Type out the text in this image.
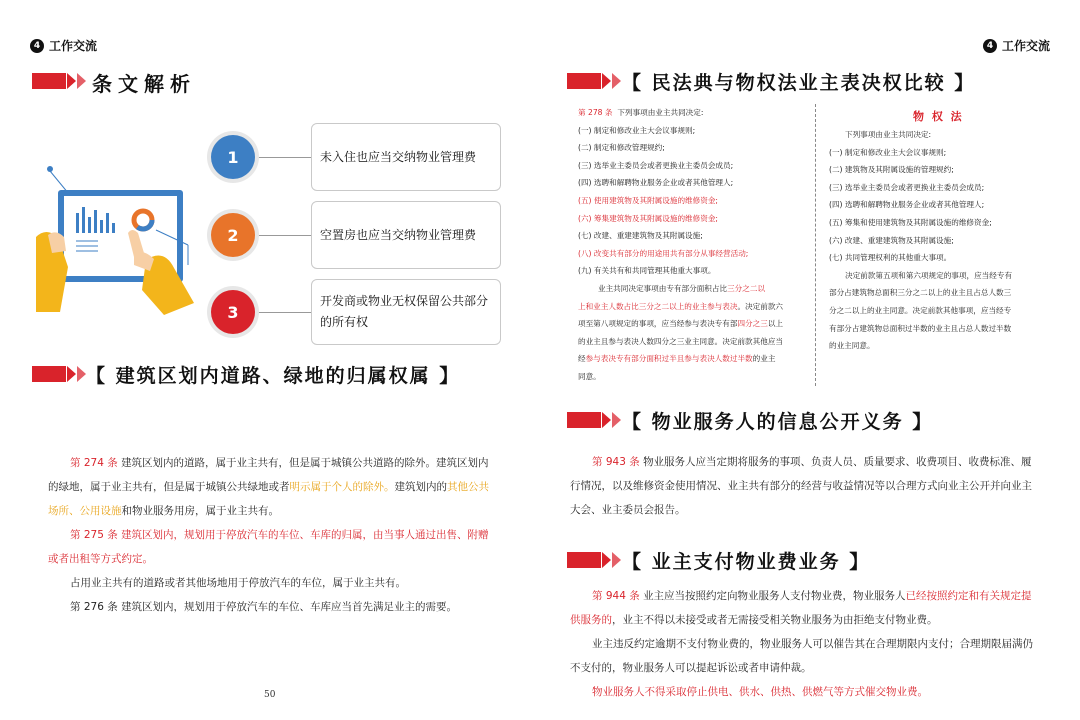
4 工作交流
条文解析
1
2
3
未入住也应当交纳物业管理费
空置房也应当交纳物业管理费
开发商或物业无权保留公共部分的所有权
【 建筑区划内道路、绿地的归属权属 】

第 274 条 建筑区划内的道路，属于业主共有，但是属于城镇公共道路的除外。建筑区划内的绿地，属于业主共有，但是属于城镇公共绿地或者明示属于个人的除外。建筑划内的其他公共场所、公用设施和物业服务用房，属于业主共有。

第 275 条 建筑区划内，规划用于停放汽车的车位、车库的归属，由当事人通过出售、附赠或者出租等方式约定。

占用业主共有的道路或者其他场地用于停放汽车的车位，属于业主共有。

第 276 条 建筑区划内，规划用于停放汽车的车位、车库应当首先满足业主的需要。

50
4 工作交流
【 民法典与物权法业主表决权比较 】
第 278 条 下列事项由业主共同决定:
(一) 制定和修改业主大会议事规则;
(二) 制定和修改管理规约;
(三) 选举业主委员会或者更换业主委员会成员;
(四) 选聘和解聘物业服务企业或者其他管理人;
(五) 使用建筑物及其附属设施的维修资金;
(六) 筹集建筑物及其附属设施的维修资金;
(七) 改建、重建建筑物及其附属设施;
(八) 改变共有部分的用途用共有部分从事经营活动;
(九) 有关共有和共同管理其他重大事项。
业主共同决定事项由专有部分面积占比三分之二以
上和业主人数占比三分之二以上的业主参与表决。决定前款六
项至第八项规定的事项，应当经参与表决专有部四分之三以上
的业主且参与表决人数四分之三业主同意。决定前款其他应当
经参与表决专有部分面积过半且参与表决人数过半数的业主
同意。
物 权 法
下列事项由业主共同决定:
(一) 制定和修改业主大会议事规则;
(二) 建筑物及其附属设施的管理规约;
(三) 选举业主委员会或者更换业主委员会成员;
(四) 选聘和解聘物业服务企业或者其他管理人;
(五) 筹集和使用建筑物及其附属设施的维修资金;
(六) 改建、重建建筑物及其附属设施;
(七) 共同管理权利的其他重大事项。
决定前款第五项和第六项规定的事项，应当经专有
部分占建筑物总面积三分之二以上的业主且占总人数三
分之二以上的业主同意。决定前款其他事项，应当经专
有部分占建筑物总面积过半数的业主且占总人数过半数
的业主同意。
【 物业服务人的信息公开义务 】

第 943 条 物业服务人应当定期将服务的事项、负责人员、质量要求、收费项目、收费标准、履行情况，以及维修资金使用情况、业主共有部分的经营与收益情况等以合理方式向业主公开并向业主大会、业主委员会报告。

【 业主支付物业费业务 】

第 944 条 业主应当按照约定向物业服务人支付物业费，物业服务人已经按照约定和有关规定提供服务的，业主不得以未接受或者无需接受相关物业服务为由拒绝支付物业费。

业主违反约定逾期不支付物业费的，物业服务人可以催告其在合理期限内支付；合理期限届满仍不支付的，物业服务人可以提起诉讼或者申请仲裁。

物业服务人不得采取停止供电、供水、供热、供燃气等方式催交物业费。
